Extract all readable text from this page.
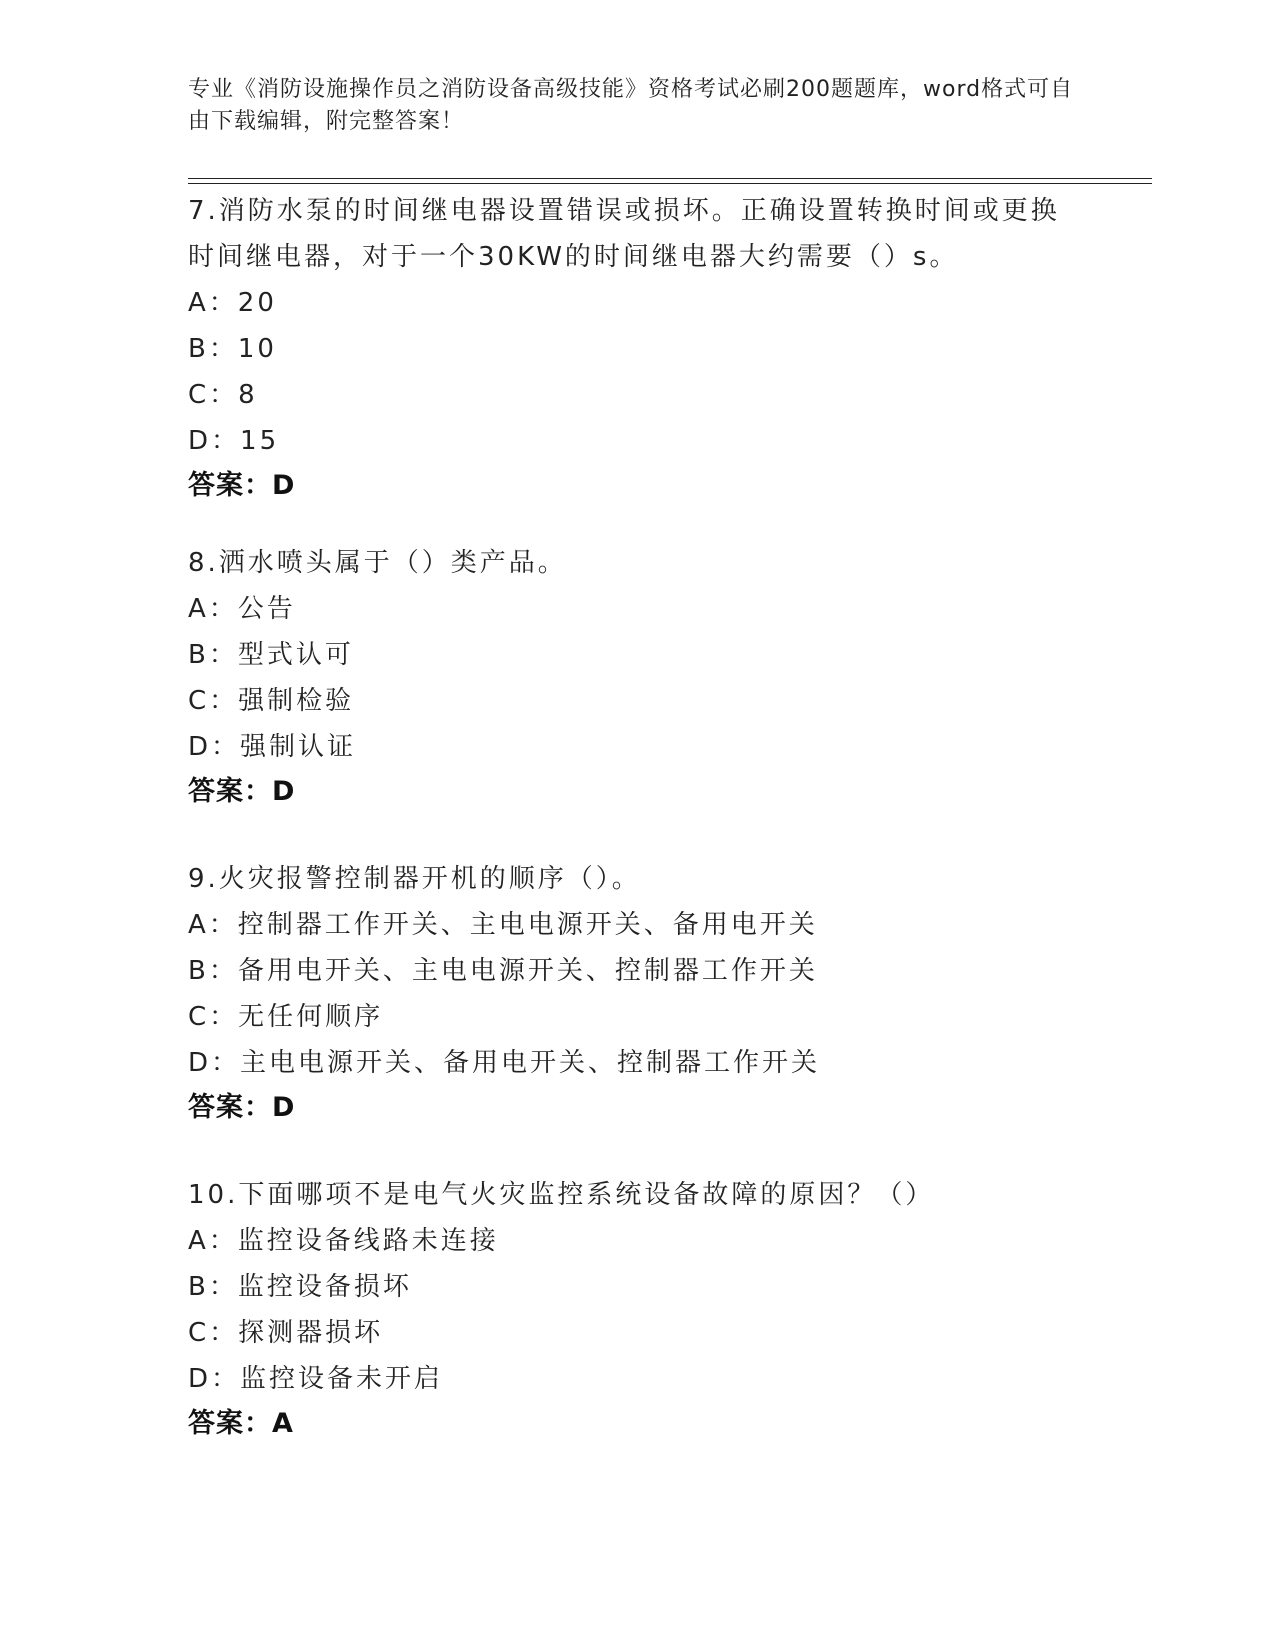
专业《消防设施操作员之消防设备高级技能》资格考试必刷200题题库，word格式可自由下载编辑，附完整答案！
7.消防水泵的时间继电器设置错误或损坏。正确设置转换时间或更换时间继电器，对于一个30KW的时间继电器大约需要（）s。
A：20
B：10
C：8
D：15
答案：D
8.洒水喷头属于（）类产品。
A：公告
B：型式认可
C：强制检验
D：强制认证
答案：D
9.火灾报警控制器开机的顺序（）。
A：控制器工作开关、主电电源开关、备用电开关
B：备用电开关、主电电源开关、控制器工作开关
C：无任何顺序
D：主电电源开关、备用电开关、控制器工作开关
答案：D
10.下面哪项不是电气火灾监控系统设备故障的原因？（）
A：监控设备线路未连接
B：监控设备损坏
C：探测器损坏
D：监控设备未开启
答案：A
